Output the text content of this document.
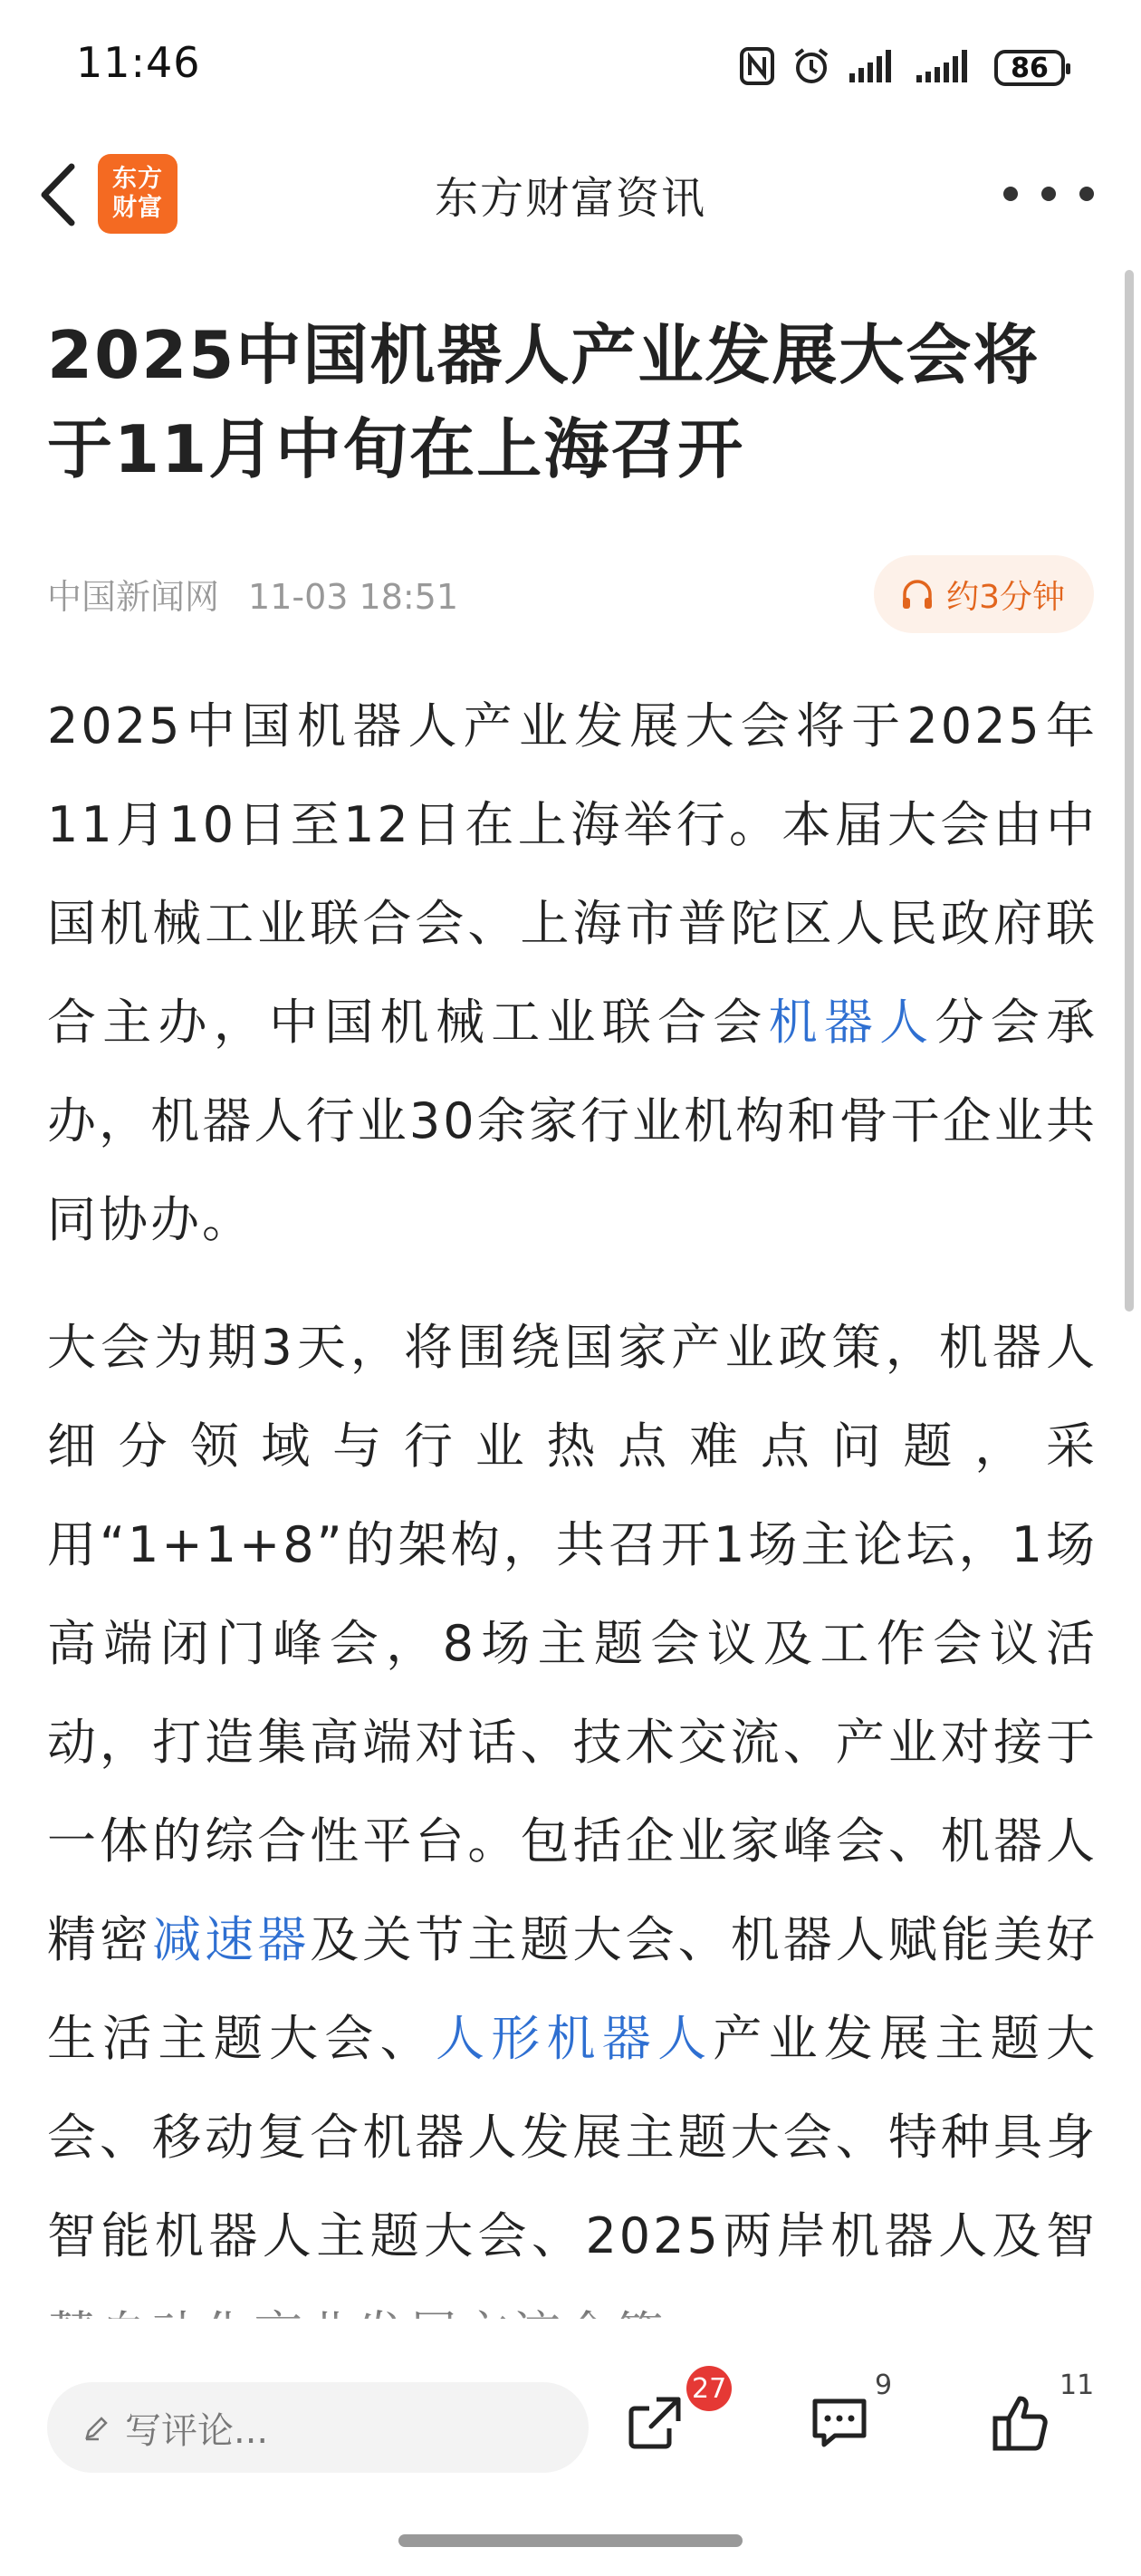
11:46	86
东方
财富	东方财富资讯
2025中国机器人产业发展大会将于11月中旬在上海召开
中国新闻网 11-03 18:51	约3分钟

2025中国机器人产业发展大会将于2025年11月10日至12日在上海举行。本届大会由中国机械工业联合会、上海市普陀区人民政府联合主办，中国机械工业联合会机器人分会承办，机器人行业30余家行业机构和骨干企业共同协办。

大会为期3天，将围绕国家产业政策，机器人细分领域与行业热点难点问题，采用“1+1+8”的架构，共召开1场主论坛，1场高端闭门峰会，8场主题会议及工作会议活动，打造集高端对话、技术交流、产业对接于一体的综合性平台。包括企业家峰会、机器人精密减速器及关节主题大会、机器人赋能美好生活主题大会、人形机器人产业发展主题大会、移动复合机器人发展主题大会、特种具身智能机器人主题大会、2025两岸机器人及智

写评论...
27	9	11
